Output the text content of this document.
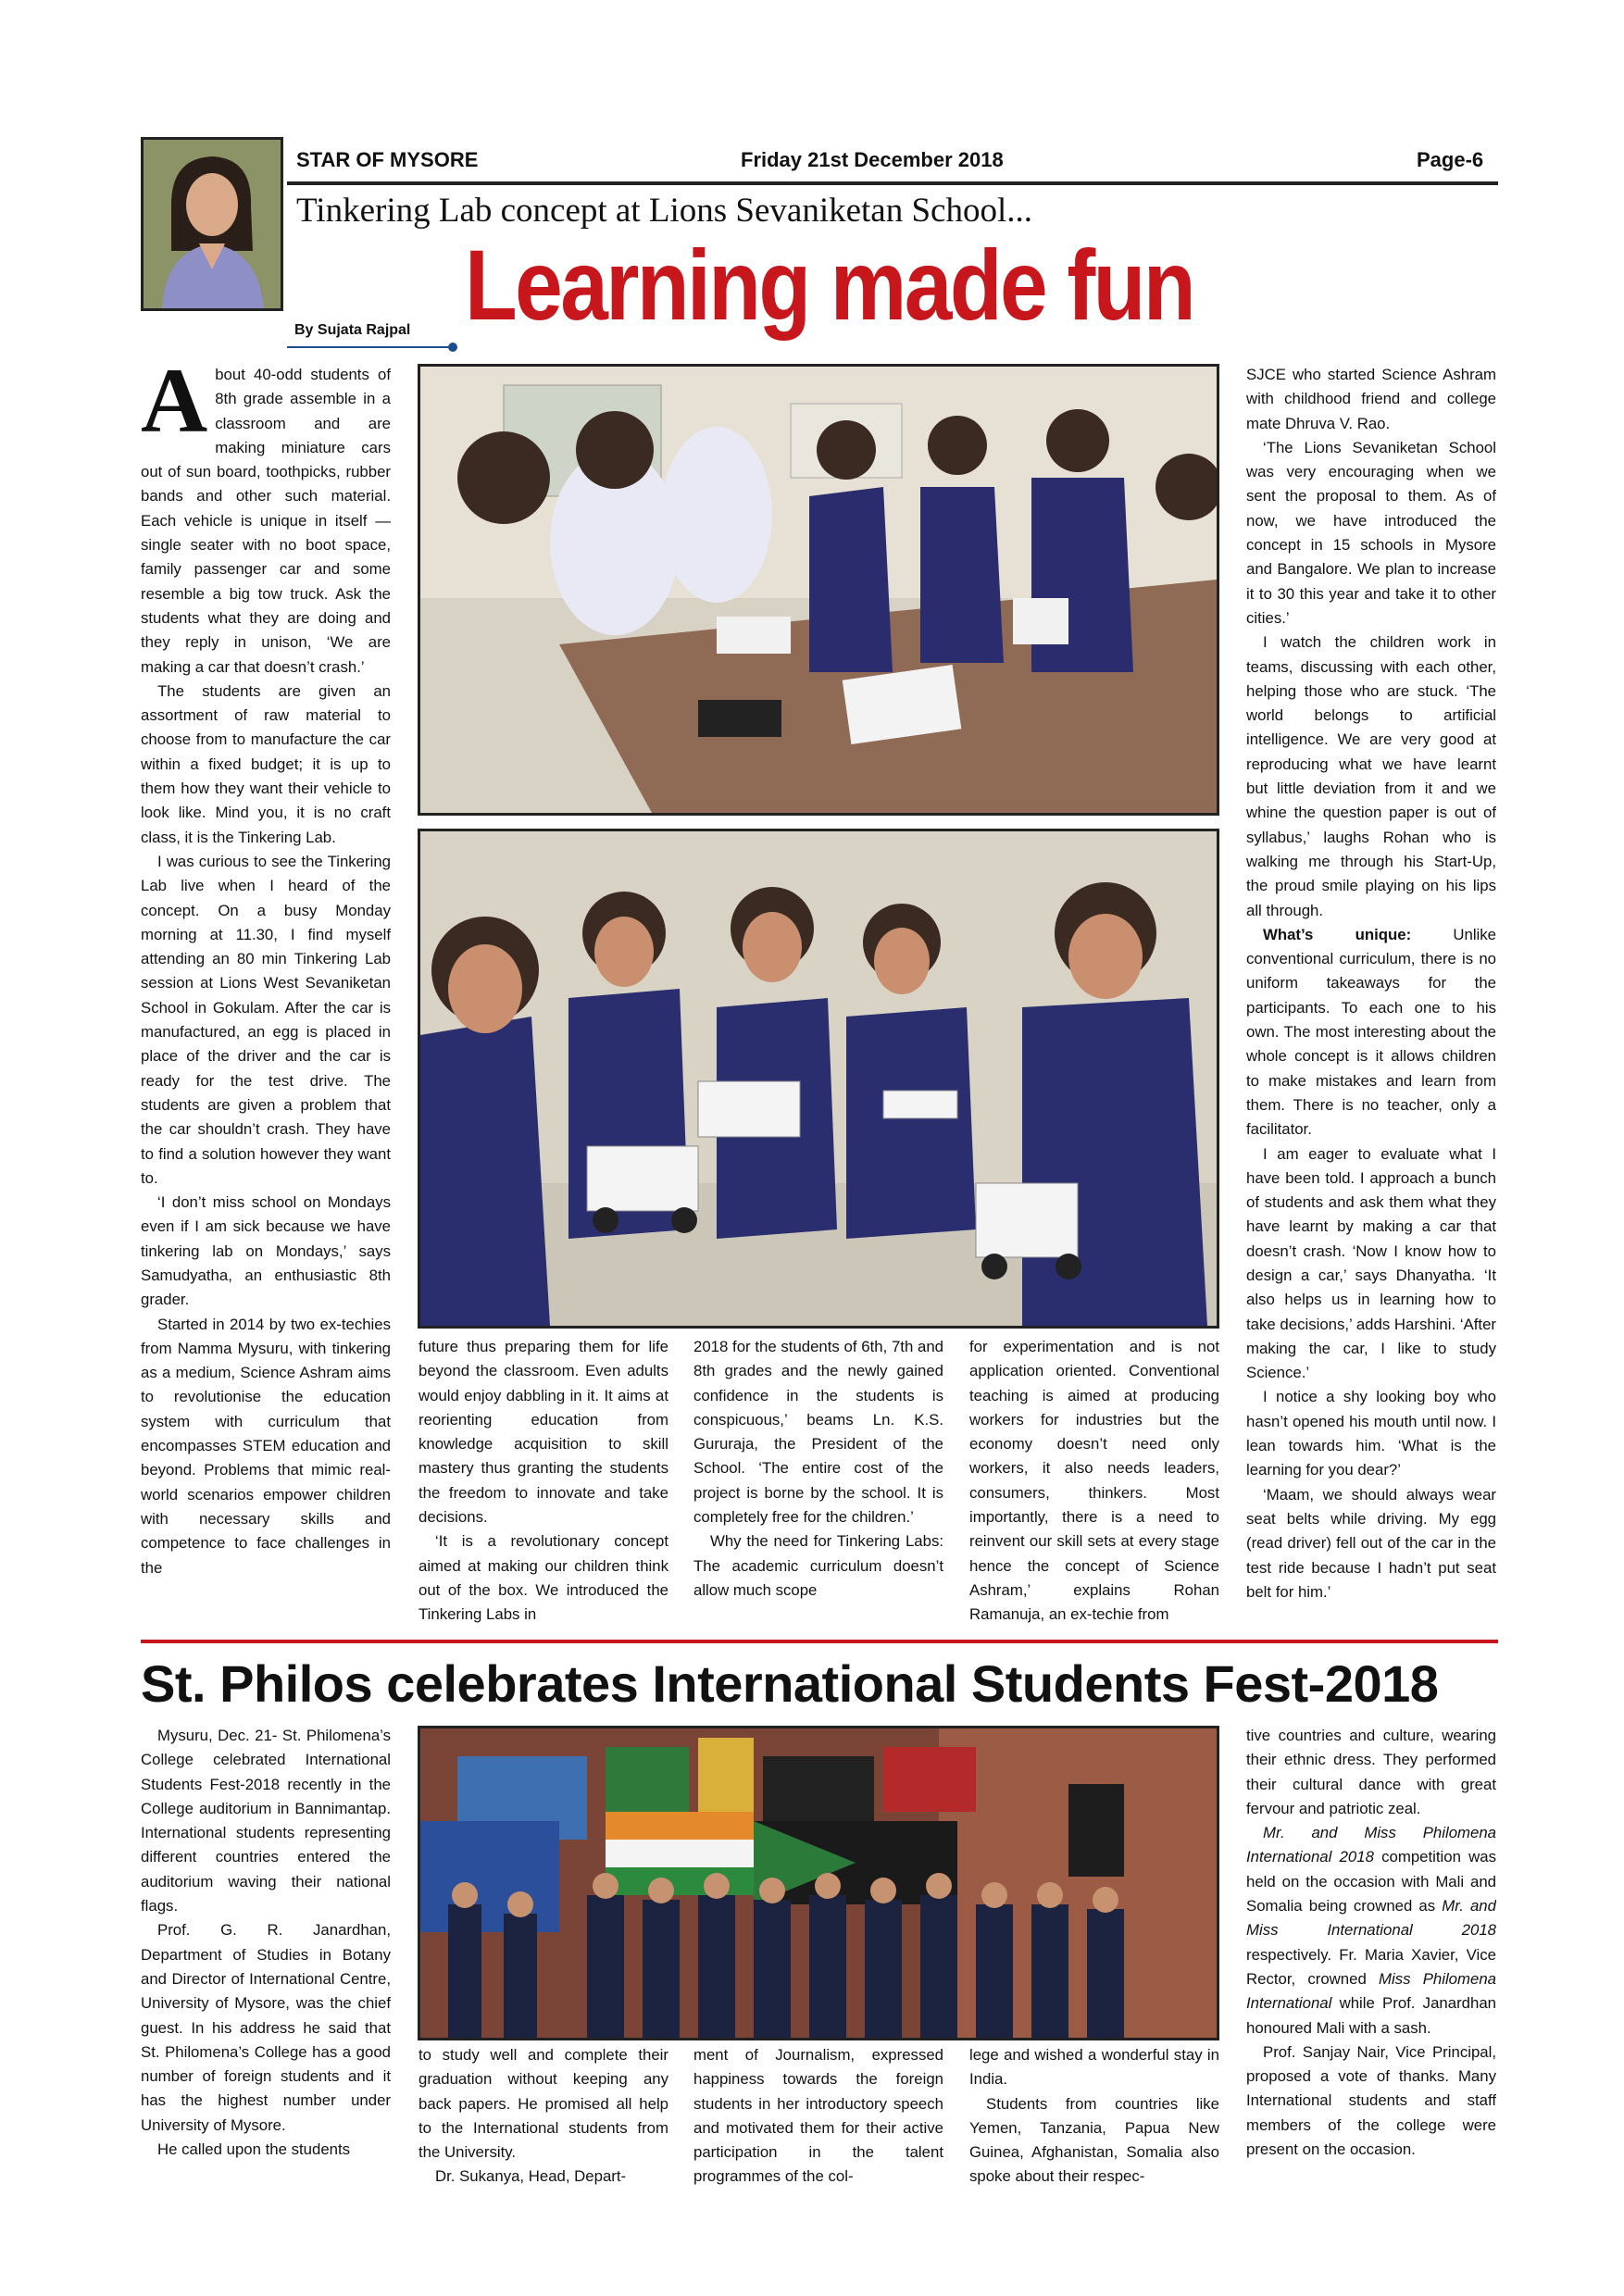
STAR OF MYSORE	Friday 21st December 2018	Page-6
Tinkering Lab concept at Lions Sevaniketan School...
Learning made fun
By Sujata Rajpal
A bout 40-odd students of 8th grade assemble in a classroom and are making miniature cars out of sun board, toothpicks, rubber bands and other such material. Each vehicle is unique in itself — single seater with no boot space, family passenger car and some resemble a big tow truck. Ask the students what they are doing and they reply in unison, ‘We are making a car that doesn’t crash.’

The students are given an assortment of raw material to choose from to manufacture the car within a fixed budget; it is up to them how they want their vehicle to look like. Mind you, it is no craft class, it is the Tinkering Lab.

I was curious to see the Tinkering Lab live when I heard of the concept. On a busy Monday morning at 11.30, I find myself attending an 80 min Tinkering Lab session at Lions West Sevaniketan School in Gokulam. After the car is manufactured, an egg is placed in place of the driver and the car is ready for the test drive. The students are given a problem that the car shouldn’t crash. They have to find a solution however they want to.

‘I don’t miss school on Mondays even if I am sick because we have tinkering lab on Mondays,’ says Samudyatha, an enthusiastic 8th grader.

Started in 2014 by two ex-techies from Namma Mysuru, with tinkering as a medium, Science Ashram aims to revolutionise the education system with curriculum that encompasses STEM education and beyond. Problems that mimic real-world scenarios empower children with necessary skills and competence to face challenges in the

future thus preparing them for life beyond the classroom. Even adults would enjoy dabbling in it. It aims at reorienting education from knowledge acquisition to skill mastery thus granting the students the freedom to innovate and take decisions.

‘It is a revolutionary concept aimed at making our children think out of the box. We introduced the Tinkering Labs in

2018 for the students of 6th, 7th and 8th grades and the newly gained confidence in the students is conspicuous,’ beams Ln. K.S. Gururaja, the President of the School. ‘The entire cost of the project is borne by the school. It is completely free for the children.’

Why the need for Tinkering Labs: The academic curriculum doesn’t allow much scope

for experimentation and is not application oriented. Conventional teaching is aimed at producing workers for industries but the economy doesn’t need only workers, it also needs leaders, consumers, thinkers. Most importantly, there is a need to reinvent our skill sets at every stage hence the concept of Science Ashram,’ explains Rohan Ramanuja, an ex-techie from

SJCE who started Science Ashram with childhood friend and college mate Dhruva V. Rao.

‘The Lions Sevaniketan School was very encouraging when we sent the proposal to them. As of now, we have introduced the concept in 15 schools in Mysore and Bangalore. We plan to increase it to 30 this year and take it to other cities.’

I watch the children work in teams, discussing with each other, helping those who are stuck. ‘The world belongs to artificial intelligence. We are very good at reproducing what we have learnt but little deviation from it and we whine the question paper is out of syllabus,’ laughs Rohan who is walking me through his Start-Up, the proud smile playing on his lips all through.

What’s unique: Unlike conventional curriculum, there is no uniform takeaways for the participants. To each one to his own. The most interesting about the whole concept is it allows children to make mistakes and learn from them. There is no teacher, only a facilitator.

I am eager to evaluate what I have been told. I approach a bunch of students and ask them what they have learnt by making a car that doesn’t crash. ‘Now I know how to design a car,’ says Dhanyatha. ‘It also helps us in learning how to take decisions,’ adds Harshini. ‘After making the car, I like to study Science.’

I notice a shy looking boy who hasn’t opened his mouth until now. I lean towards him. ‘What is the learning for you dear?’

‘Maam, we should always wear seat belts while driving. My egg (read driver) fell out of the car in the test ride because I hadn’t put seat belt for him.’

St. Philos celebrates International Students Fest-2018

Mysuru, Dec. 21- St. Philomena’s College celebrated International Students Fest-2018 recently in the College auditorium in Bannimantap. International students representing different countries entered the auditorium waving their national flags.

Prof. G. R. Janardhan, Department of Studies in Botany and Director of International Centre, University of Mysore, was the chief guest. In his address he said that St. Philomena’s College has a good number of foreign students and it has the highest number under University of Mysore.

He called upon the students

to study well and complete their graduation without keeping any back papers. He promised all help to the International students from the University.

Dr. Sukanya, Head, Depart-

ment of Journalism, expressed happiness towards the foreign students in her introductory speech and motivated them for their active participation in the talent programmes of the col-

lege and wished a wonderful stay in India.

Students from countries like Yemen, Tanzania, Papua New Guinea, Afghanistan, Somalia also spoke about their respec-

tive countries and culture, wearing their ethnic dress. They performed their cultural dance with great fervour and patriotic zeal.

Mr. and Miss Philomena International 2018 competition was held on the occasion with Mali and Somalia being crowned as Mr. and Miss International 2018 respectively. Fr. Maria Xavier, Vice Rector, crowned Miss Philomena International while Prof. Janardhan honoured Mali with a sash.

Prof. Sanjay Nair, Vice Principal, proposed a vote of thanks. Many International students and staff members of the college were present on the occasion.
